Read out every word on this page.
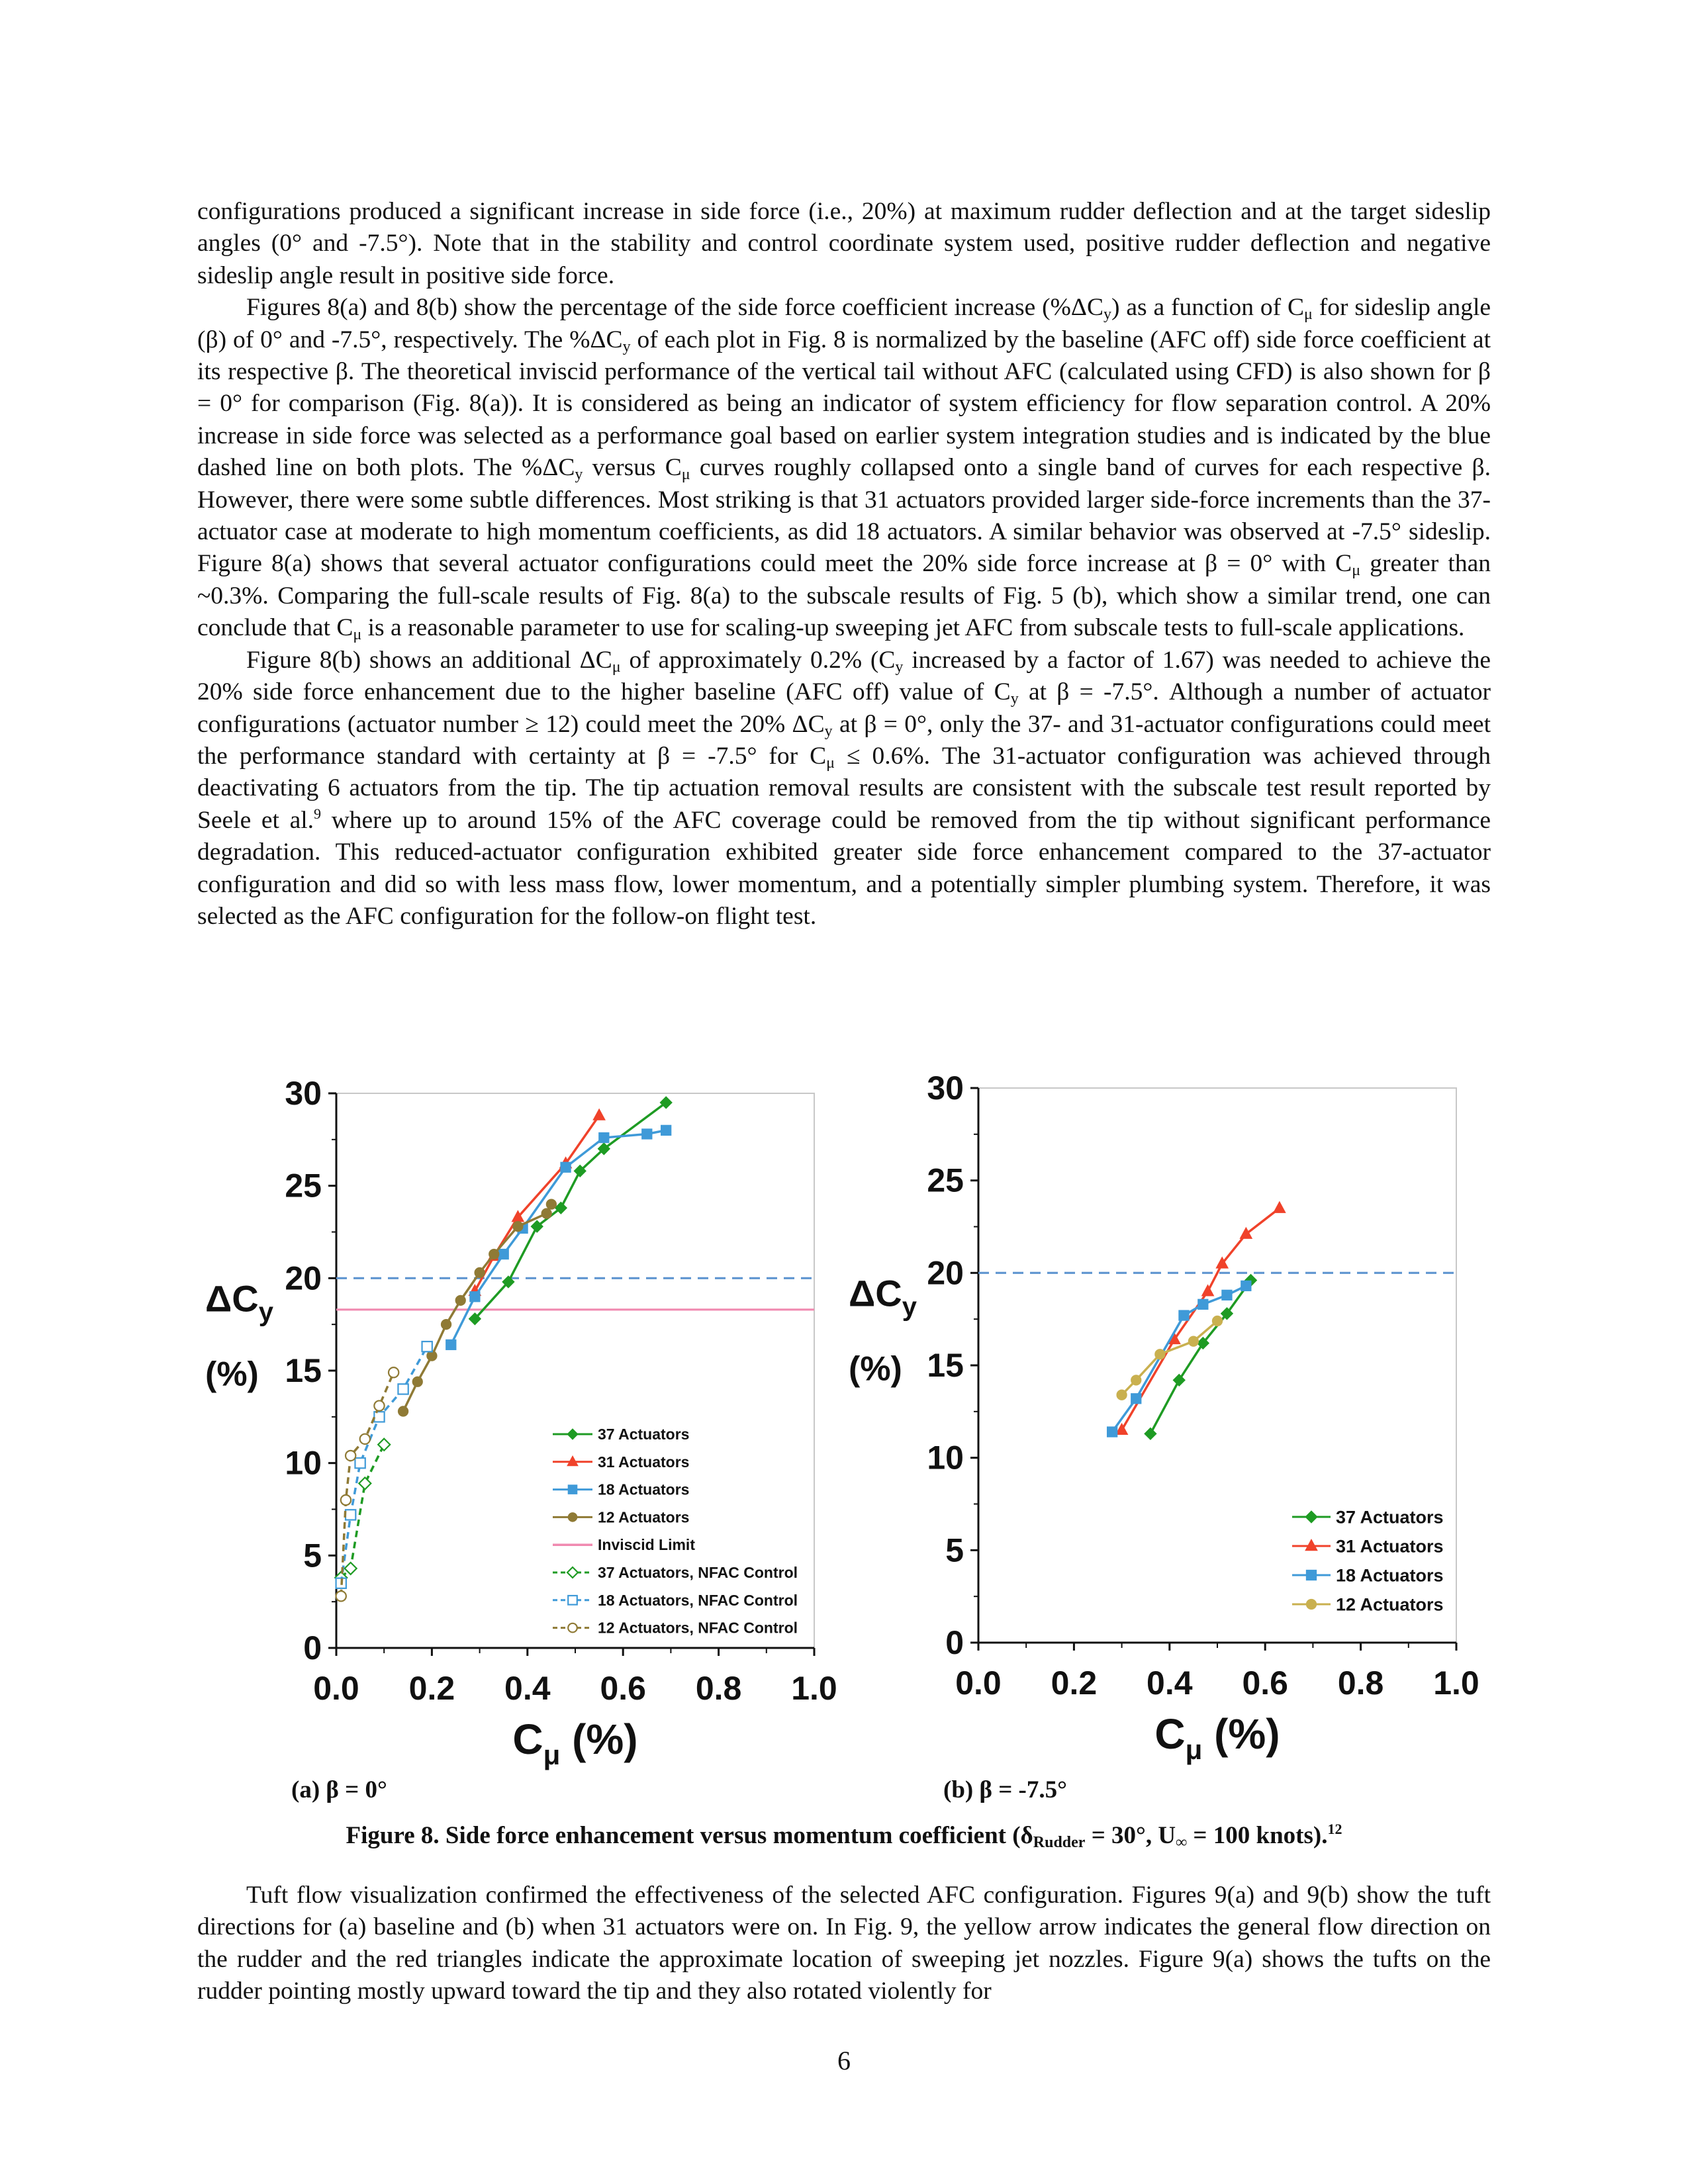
configurations produced a significant increase in side force (i.e., 20%) at maximum rudder deflection and at the target sideslip angles (0° and -7.5°). Note that in the stability and control coordinate system used, positive rudder deflection and negative sideslip angle result in positive side force.

Figures 8(a) and 8(b) show the percentage of the side force coefficient increase $(\%\Delta C_y)$ as a function of $C_\mu$ for sideslip angle (β) of 0° and -7.5°, respectively. The $\%\Delta C_y$ of each plot in Fig. 8 is normalized by the baseline (AFC off) side force coefficient at its respective β. The theoretical inviscid performance of the vertical tail without AFC (calculated using CFD) is also shown for β = 0° for comparison (Fig. 8(a)). It is considered as being an indicator of system efficiency for flow separation control. A 20% increase in side force was selected as a performance goal based on earlier system integration studies and is indicated by the blue dashed line on both plots. The $\%\Delta C_y$ versus $C_\mu$ curves roughly collapsed onto a single band of curves for each respective β. However, there were some subtle differences. Most striking is that 31 actuators provided larger side-force increments than the 37-actuator case at moderate to high momentum coefficients, as did 18 actuators. A similar behavior was observed at -7.5° sideslip. Figure 8(a) shows that several actuator configurations could meet the 20% side force increase at β = 0° with $C_\mu$ greater than ~0.3%. Comparing the full-scale results of Fig. 8(a) to the subscale results of Fig. 5 (b), which show a similar trend, one can conclude that $C_\mu$ is a reasonable parameter to use for scaling-up sweeping jet AFC from subscale tests to full-scale applications.

Figure 8(b) shows an additional $\Delta C_\mu$ of approximately 0.2% ($C_y$ increased by a factor of 1.67) was needed to achieve the 20% side force enhancement due to the higher baseline (AFC off) value of $C_y$ at β = -7.5°. Although a number of actuator configurations (actuator number ≥ 12) could meet the 20% $\Delta C_y$ at β = 0°, only the 37- and 31-actuator configurations could meet the performance standard with certainty at β = -7.5° for $C_\mu \le 0.6\%$. The 31-actuator configuration was achieved through deactivating 6 actuators from the tip. The tip actuation removal results are consistent with the subscale test result reported by Seele et al.$^9$ where up to around 15% of the AFC coverage could be removed from the tip without significant performance degradation. This reduced-actuator configuration exhibited greater side force enhancement compared to the 37-actuator configuration and did so with less mass flow, lower momentum, and a potentially simpler plumbing system. Therefore, it was selected as the AFC configuration for the follow-on flight test.

0
5
10
15
20
25
30
0.0 0.2 0.4 0.6 0.8 1.0
$C_\mu$ (%)
$\Delta C_y$
(%)
37 Actuators
31 Actuators
18 Actuators
12 Actuators
Inviscid Limit
37 Actuators, NFAC Control
18 Actuators, NFAC Control
12 Actuators, NFAC Control	0
5
10
15
20
25
30
0.0 0.2 0.4 0.6 0.8 1.0
$C_\mu$ (%)
$\Delta C_y$
(%)
37 Actuators
31 Actuators
18 Actuators
12 Actuators
(a) β = 0°	(b) β = -7.5°
Figure 8. Side force enhancement versus momentum coefficient ($\delta_{Rudder} = 30^\circ$, $U_\infty = 100$ knots).$^{12}$

Tuft flow visualization confirmed the effectiveness of the selected AFC configuration. Figures 9(a) and 9(b) show the tuft directions for (a) baseline and (b) when 31 actuators were on. In Fig. 9, the yellow arrow indicates the general flow direction on the rudder and the red triangles indicate the approximate location of sweeping jet nozzles. Figure 9(a) shows the tufts on the rudder pointing mostly upward toward the tip and they also rotated violently for

6
